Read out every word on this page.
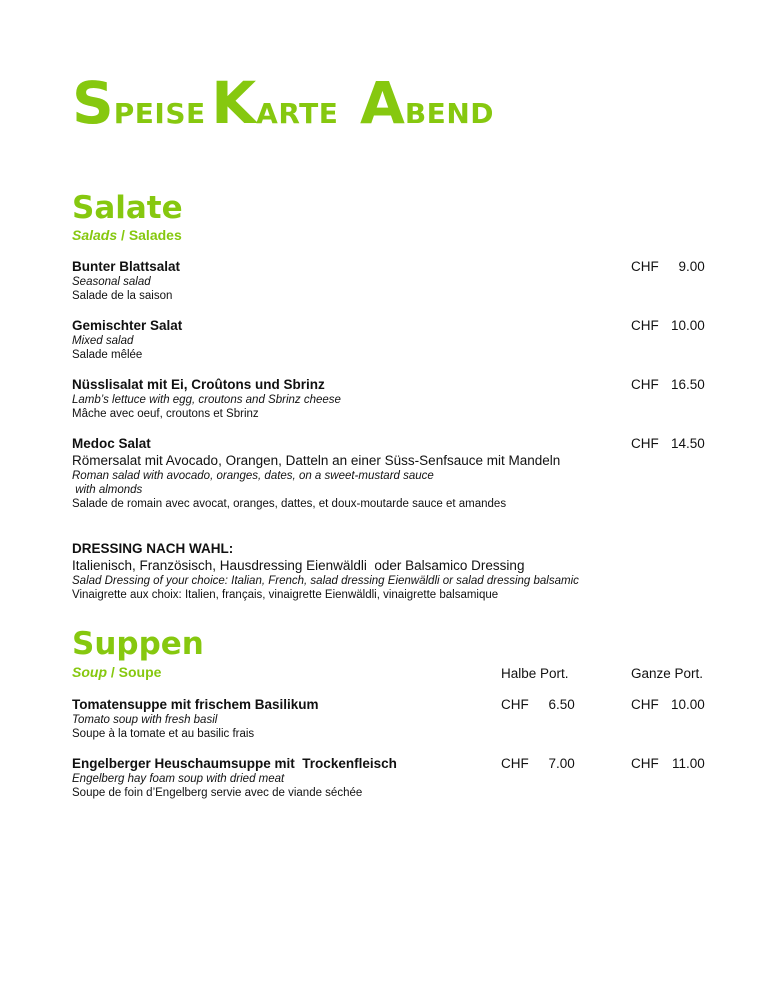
SPEISE KARTE ABEND
Salate
Salads / Salades
Bunter Blattsalat
Seasonal salad
Salade de la saison
CHF 9.00
Gemischter Salat
Mixed salad
Salade mêlée
CHF 10.00
Nüsslisalat mit Ei, Croûtons und Sbrinz
Lamb’s lettuce with egg, croutons and Sbrinz cheese
Mâche avec oeuf, croutons et Sbrinz
CHF 16.50
Medoc Salat
Römersalat mit Avocado, Orangen, Datteln an einer Süss-Senfsauce mit Mandeln
Roman salad with avocado, oranges, dates, on a sweet-mustard sauce
with almonds
Salade de romain avec avocat, oranges, dattes, et doux-moutarde sauce et amandes
CHF 14.50
DRESSING NACH WAHL:
Italienisch, Französisch, Hausdressing Eienwäldli  oder Balsamico Dressing
Salad Dressing of your choice: Italian, French, salad dressing Eienwäldli or salad dressing balsamic
Vinaigrette aux choix: Italien, français, vinaigrette Eienwäldli, vinaigrette balsamique
Suppen
Soup / Soupe	Halbe Port.	Ganze Port.
Tomatensuppe mit frischem Basilikum
Tomato soup with fresh basil
Soupe à la tomate et au basilic frais
CHF 6.50	CHF 10.00
Engelberger Heuschaumsuppe mit  Trockenfleisch
Engelberg hay foam soup with dried meat
Soupe de foin d’Engelberg servie avec de viande séchée
CHF 7.00	CHF 11.00
